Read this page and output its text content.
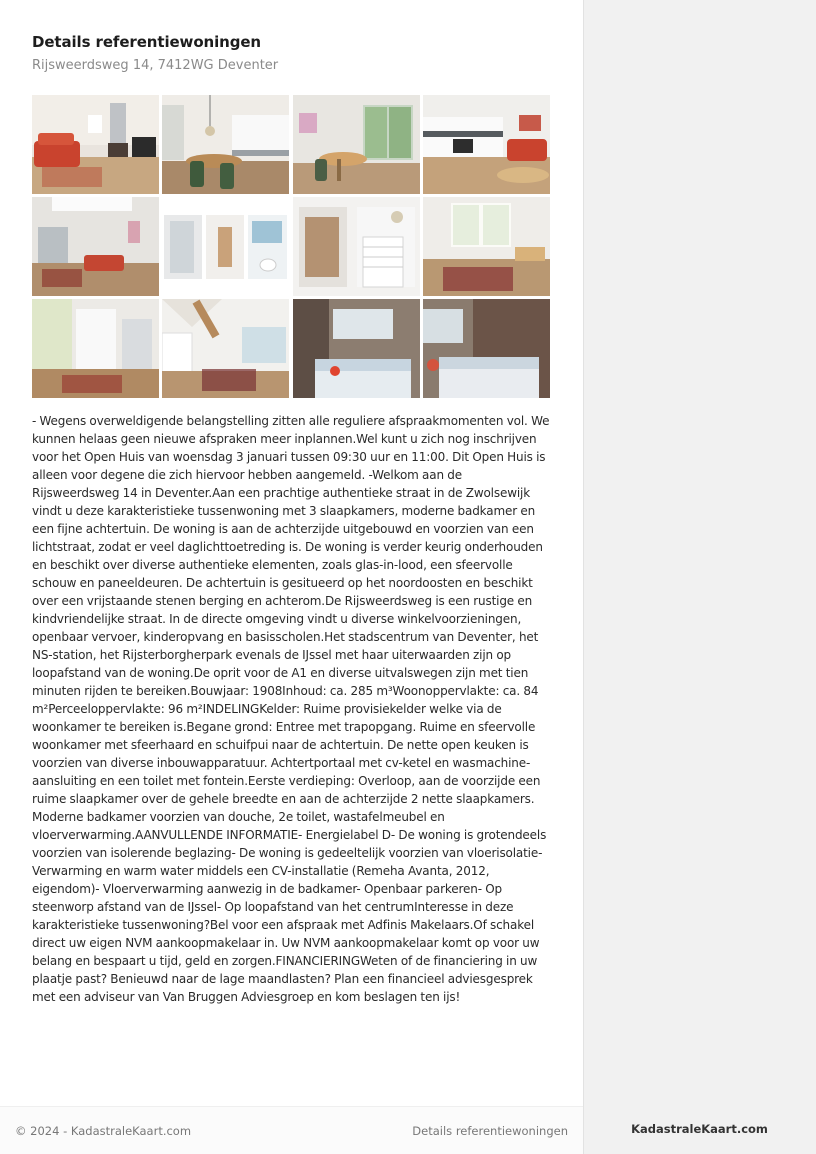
Details referentiewoningen
Rijsweerdsweg 14, 7412WG Deventer

- Wegens overweldigende belangstelling zitten alle reguliere afspraakmomenten vol. We kunnen helaas geen nieuwe afspraken meer inplannen.Wel kunt u zich nog inschrijven voor het Open Huis van woensdag 3 januari tussen 09:30 uur en 11:00. Dit Open Huis is alleen voor degene die zich hiervoor hebben aangemeld. -Welkom aan de Rijsweerdsweg 14 in Deventer.Aan een prachtige authentieke straat in de Zwolsewijk vindt u deze karakteristieke tussenwoning met 3 slaapkamers, moderne badkamer en een fijne achtertuin. De woning is aan de achterzijde uitgebouwd en voorzien van een lichtstraat, zodat er veel daglichttoetreding is. De woning is verder keurig onderhouden en beschikt over diverse authentieke elementen, zoals glas-in-lood, een sfeervolle schouw en paneeldeuren. De achtertuin is gesitueerd op het noordoosten en beschikt over een vrijstaande stenen berging en achterom.De Rijsweerdsweg is een rustige en kindvriendelijke straat. In de directe omgeving vindt u diverse winkelvoorzieningen, openbaar vervoer, kinderopvang en basisscholen.Het stadscentrum van Deventer, het NS-station, het Rijsterborgherpark evenals de IJssel met haar uiterwaarden zijn op loopafstand van de woning.De oprit voor de A1 en diverse uitvalswegen zijn met tien minuten rijden te bereiken.Bouwjaar: 1908Inhoud: ca. 285 m³Woonoppervlakte: ca. 84 m²Perceeloppervlakte: 96 m²INDELINGKelder: Ruime provisiekelder welke via de woonkamer te bereiken is.Begane grond: Entree met trapopgang. Ruime en sfeervolle woonkamer met sfeerhaard en schuifpui naar de achtertuin. De nette open keuken is voorzien van diverse inbouwapparatuur. Achtertportaal met cv-ketel en wasmachine-aansluiting en een toilet met fontein.Eerste verdieping: Overloop, aan de voorzijde een ruime slaapkamer over de gehele breedte en aan de achterzijde 2 nette slaapkamers. Moderne badkamer voorzien van douche, 2e toilet, wastafelmeubel en vloerverwarming.AANVULLENDE INFORMATIE- Energielabel D- De woning is grotendeels voorzien van isolerende beglazing- De woning is gedeeltelijk voorzien van vloerisolatie- Verwarming en warm water middels een CV-installatie (Remeha Avanta, 2012, eigendom)- Vloerverwarming aanwezig in de badkamer- Openbaar parkeren- Op steenworp afstand van de IJssel- Op loopafstand van het centrumInteresse in deze karakteristieke tussenwoning?Bel voor een afspraak met Adfinis Makelaars.Of schakel direct uw eigen NVM aankoopmakelaar in. Uw NVM aankoopmakelaar komt op voor uw belang en bespaart u tijd, geld en zorgen.FINANCIERINGWeten of de financiering in uw plaatje past? Benieuwd naar de lage maandlasten? Plan een financieel adviesgesprek met een adviseur van Van Bruggen Adviesgroep en kom beslagen ten ijs!

© 2024 - KadastraleKaart.com	Details referentiewoningen	KadastraleKaart.com
